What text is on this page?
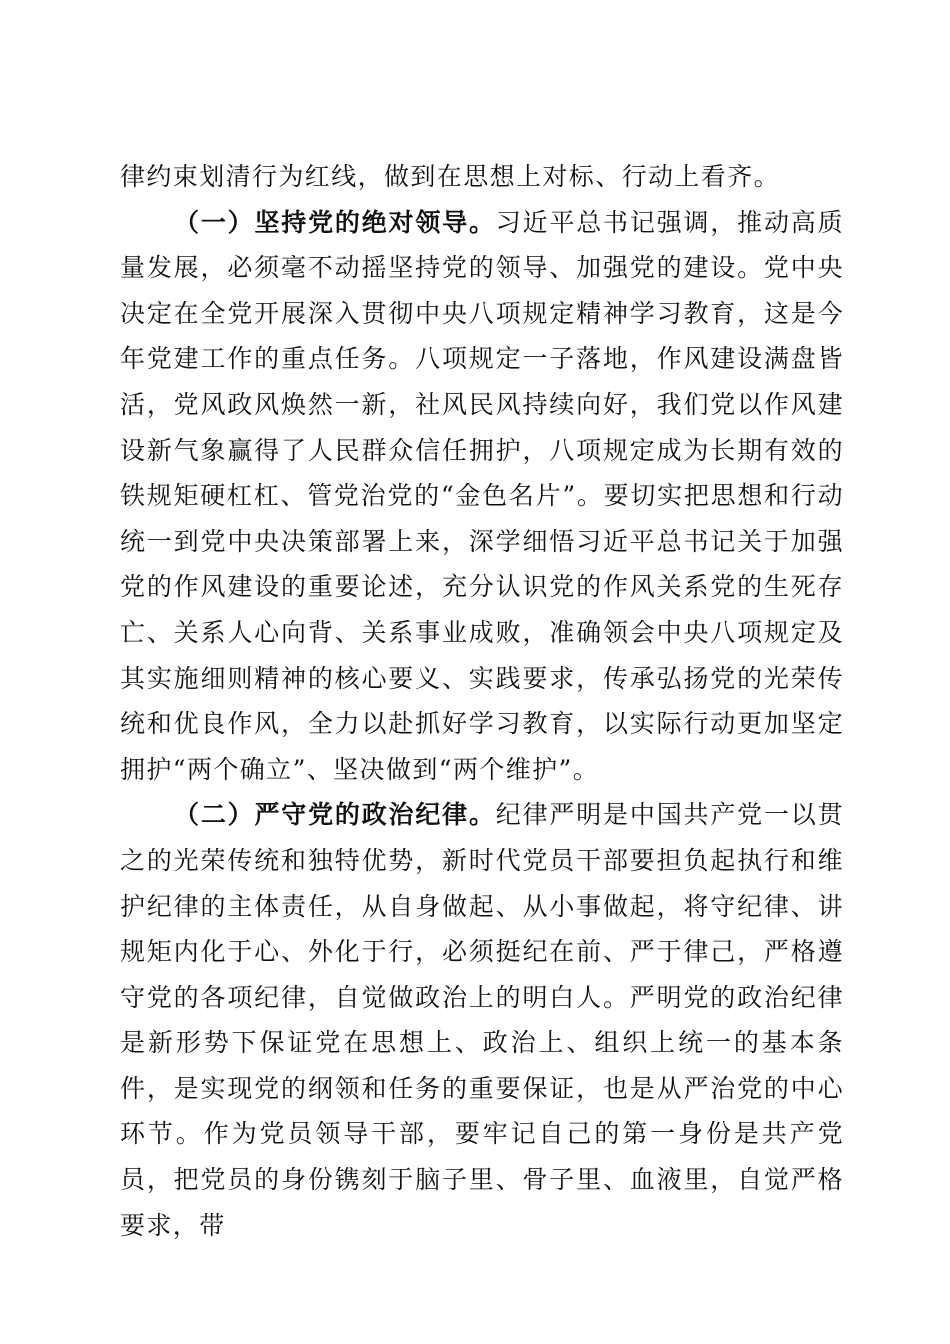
律约束划清行为红线，做到在思想上对标、行动上看齐。

（一）坚持党的绝对领导。习近平总书记强调，推动高质量发展，必须毫不动摇坚持党的领导、加强党的建设。党中央决定在全党开展深入贯彻中央八项规定精神学习教育，这是今年党建工作的重点任务。八项规定一子落地，作风建设满盘皆活，党风政风焕然一新，社风民风持续向好，我们党以作风建设新气象赢得了人民群众信任拥护，八项规定成为长期有效的铁规矩硬杠杠、管党治党的“金色名片”。要切实把思想和行动统一到党中央决策部署上来，深学细悟习近平总书记关于加强党的作风建设的重要论述，充分认识党的作风关系党的生死存亡、关系人心向背、关系事业成败，准确领会中央八项规定及其实施细则精神的核心要义、实践要求，传承弘扬党的光荣传统和优良作风，全力以赴抓好学习教育，以实际行动更加坚定拥护“两个确立”、坚决做到“两个维护”。

（二）严守党的政治纪律。纪律严明是中国共产党一以贯之的光荣传统和独特优势，新时代党员干部要担负起执行和维护纪律的主体责任，从自身做起、从小事做起，将守纪律、讲规矩内化于心、外化于行，必须挺纪在前、严于律己，严格遵守党的各项纪律，自觉做政治上的明白人。严明党的政治纪律是新形势下保证党在思想上、政治上、组织上统一的基本条件，是实现党的纲领和任务的重要保证，也是从严治党的中心环节。作为党员领导干部，要牢记自己的第一身份是共产党员，把党员的身份镌刻于脑子里、骨子里、血液里，自觉严格要求，带
